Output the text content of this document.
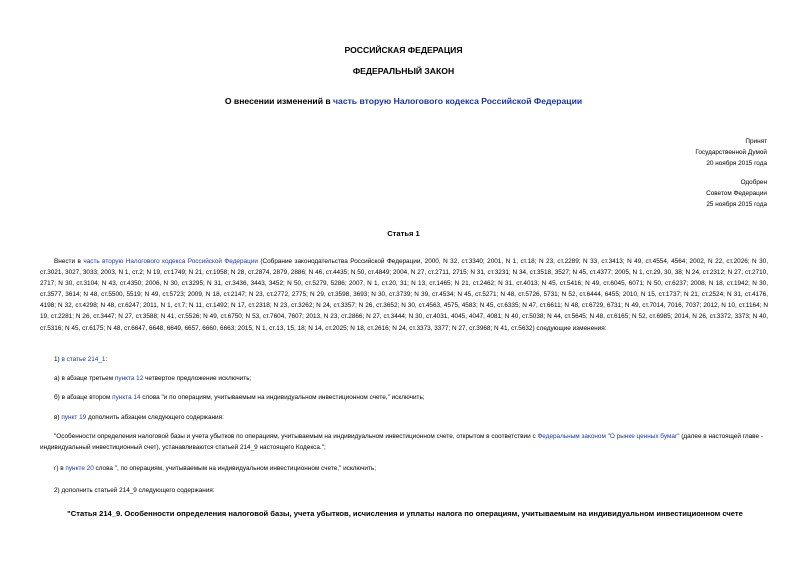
РОССИЙСКАЯ ФЕДЕРАЦИЯ
ФЕДЕРАЛЬНЫЙ ЗАКОН
О внесении изменений в часть вторую Налогового кодекса Российской Федерации
Принят
Государственной Думой
20 ноября 2015 года
Одобрен
Советом Федерации
25 ноября 2015 года
Статья 1
Внести в часть вторую Налогового кодекса Российской Федерации (Собрание законодательства Российской Федерации, 2000, N 32, ст.3340; 2001, N 1, ст.18; N 23, ст.2289; N 33, ст.3413; N 49, ст.4554, 4564; 2002, N 22, ст.2026; N 30, ст.3021, 3027, 3033; 2003, N 1, ст.2; N 19, ст.1749; N 21, ст.1958; N 28, ст.2874, 2879, 2886; N 46, ст.4435; N 50, ст.4849; 2004, N 27, ст.2711, 2715; N 31, ст.3231; N 34, ст.3518, 3527; N 45, ст.4377; 2005, N 1, ст.29, 30, 38; N 24, ст.2312; N 27, ст.2710, 2717; N 30, ст.3104; N 43, ст.4350; 2006, N 30, ст.3295; N 31, ст.3436, 3443, 3452; N 50, ст.5279, 5286; 2007, N 1, ст.20, 31; N 13, ст.1465; N 21, ст.2462; N 31, ст.4013; N 45, ст.5416; N 49, ст.6045, 6071; N 50, ст.6237; 2008, N 18, ст.1942; N 30, ст.3577, 3614; N 48, ст.5500, 5519; N 49, ст.5723; 2009, N 18, ст.2147; N 23, ст.2772, 2775; N 29, ст.3598, 3693; N 30, ст.3739; N 39, ст.4534; N 45, ст.5271; N 48, ст.5726, 5731; N 52, ст.6444, 6455; 2010, N 15, ст.1737; N 21, ст.2524; N 31, ст.4176, 4198; N 32, ст.4298; N 48, ст.6247; 2011, N 1, ст.7; N 11, ст.1492; N 17, ст.2318; N 23, ст.3262; N 24, ст.3357; N 26, ст.3652; N 30, ст.4563, 4575, 4583; N 45, ст.6335; N 47, ст.6611; N 48, ст.6729, 6731; N 49, ст.7014, 7016, 7037; 2012, N 10, ст.1164; N 19, ст.2281; N 26, ст.3447; N 27, ст.3588; N 41, ст.5526; N 49, ст.6750; N 53, ст.7604, 7607; 2013, N 23, ст.2866; N 27, ст.3444; N 30, ст.4031, 4045, 4047, 4081; N 40, ст.5038; N 44, ст.5645; N 48, ст.6165; N 52, ст.6985; 2014, N 26, ст.3372, 3373; N 40, ст.5316; N 45, ст.6175; N 48, ст.6647, 6648, 6649, 6657, 6660, 6663; 2015, N 1, ст.13, 15, 18; N 14, ст.2025; N 18, ст.2616; N 24, ст.3373, 3377; N 27, ст.3968; N 41, ст.5632) следующие изменения:
1) в статье 214_1:
а) в абзаце третьем пункта 12 четвертое предложение исключить;
б) в абзаце втором пункта 14 слова "и по операциям, учитываемым на индивидуальном инвестиционном счете," исключить;
в) пункт 19 дополнить абзацем следующего содержания:
"Особенности определения налоговой базы и учета убытков по операциям, учитываемым на индивидуальном инвестиционном счете, открытом в соответствии с Федеральным законом "О рынке ценных бумаг" (далее в настоящей главе - индивидуальный инвестиционный счет), устанавливаются статьей 214_9 настоящего Кодекса.";
г) в пункте 20 слова ", по операциям, учитываемым на индивидуальном инвестиционном счете," исключить;
2) дополнить статьей 214_9 следующего содержания:
"Статья 214_9. Особенности определения налоговой базы, учета убытков, исчисления и уплаты налога по операциям, учитываемым на индивидуальном инвестиционном счете
